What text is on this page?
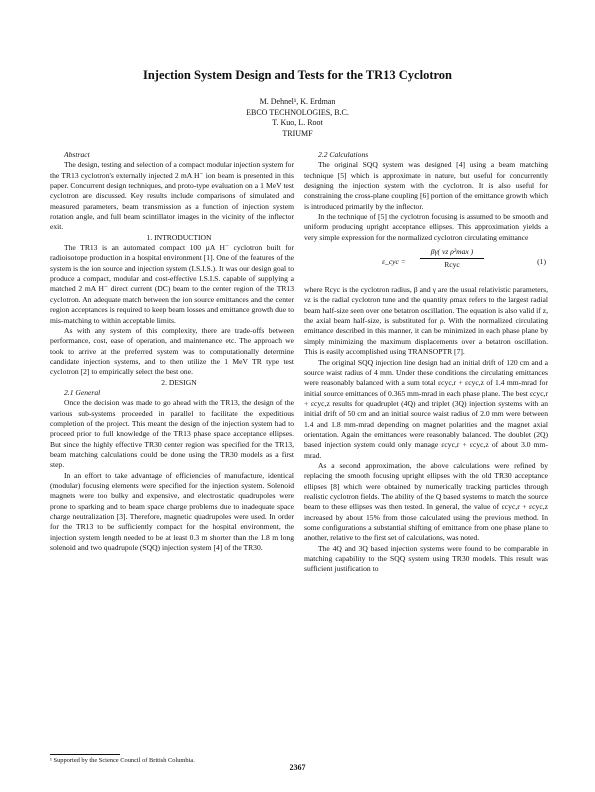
Injection System Design and Tests for the TR13 Cyclotron
M. Dehnel¹, K. Erdman
EBCO TECHNOLOGIES, B.C.
T. Kuo, L. Root
TRIUMF

Abstract

The design, testing and selection of a compact modular injection system for the TR13 cyclotron's externally injected 2 mA H⁻ ion beam is presented in this paper. Concurrent design techniques, and proto-type evaluation on a 1 MeV test cyclotron are discussed. Key results include comparisons of simulated and measured parameters, beam transmission as a function of injection system rotation angle, and full beam scintillator images in the vicinity of the inflector exit.

1. INTRODUCTION

The TR13 is an automated compact 100 µA H⁻ cyclotron built for radioisotope production in a hospital environment [1]. One of the features of the system is the ion source and injection system (I.S.I.S.). It was our design goal to produce a compact, modular and cost-effective I.S.I.S. capable of supplying a matched 2 mA H⁻ direct current (DC) beam to the center region of the TR13 cyclotron. An adequate match between the ion source emittances and the center region acceptances is required to keep beam losses and emittance growth due to mis-matching to within acceptable limits.

As with any system of this complexity, there are trade-offs between performance, cost, ease of operation, and maintenance etc. The approach we took to arrive at the preferred system was to computationally determine candidate injection systems, and to then utilize the 1 MeV TR type test cyclotron [2] to empirically select the best one.

2. DESIGN

2.1 General

Once the decision was made to go ahead with the TR13, the design of the various sub-systems proceeded in parallel to facilitate the expeditious completion of the project. This meant the design of the injection system had to proceed prior to full knowledge of the TR13 phase space acceptance ellipses. But since the highly effective TR30 center region was specified for the TR13, beam matching calculations could be done using the TR30 models as a first step.

In an effort to take advantage of efficiencies of manufacture, identical (modular) focusing elements were specified for the injection system. Solenoid magnets were too bulky and expensive, and electrostatic quadrupoles were prone to sparking and to beam space charge problems due to inadequate space charge neutralization [3]. Therefore, magnetic quadrupoles were used. In order for the TR13 to be sufficiently compact for the hospital environment, the injection system length needed to be at least 0.3 m shorter than the 1.8 m long solenoid and two quadrupole (SQQ) injection system [4] of the TR30.

2.2 Calculations

The original SQQ system was designed [4] using a beam matching technique [5] which is approximate in nature, but useful for concurrently designing the injection system with the cyclotron. It is also useful for constraining the cross-plane coupling [6] portion of the emittance growth which is introduced primarily by the inflector.

In the technique of [5] the cyclotron focusing is assumed to be smooth and uniform producing upright acceptance ellipses. This approximation yields a very simple expression for the normalized cyclotron circulating emittance

ε_cyc =
βγ( νz ρ²max )
Rcyc	(1)

where Rcyc is the cyclotron radius, β and γ are the usual relativistic parameters, νz is the radial cyclotron tune and the quantity ρmax refers to the largest radial beam half-size seen over one betatron oscillation. The equation is also valid if z, the axial beam half-size, is substituted for ρ. With the normalized circulating emittance described in this manner, it can be minimized in each phase plane by simply minimizing the maximum displacements over a betatron oscillation. This is easily accomplished using TRANSOPTR [7].

The original SQQ injection line design had an initial drift of 120 cm and a source waist radius of 4 mm. Under these conditions the circulating emittances were reasonably balanced with a sum total εcyc,r + εcyc,z of 1.4 mm-mrad for initial source emittances of 0.365 mm-mrad in each phase plane. The best εcyc,r + εcyc,z results for quadruplet (4Q) and triplet (3Q) injection systems with an initial drift of 50 cm and an initial source waist radius of 2.0 mm were between 1.4 and 1.8 mm-mrad depending on magnet polarities and the magnet axial orientation. Again the emittances were reasonably balanced. The doublet (2Q) based injection system could only manage εcyc,r + εcyc,z of about 3.0 mm-mrad.

As a second approximation, the above calculations were refined by replacing the smooth focusing upright ellipses with the old TR30 acceptance ellipses [8] which were obtained by numerically tracking particles through realistic cyclotron fields. The ability of the Q based systems to match the source beam to these ellipses was then tested. In general, the value of εcyc,r + εcyc,z increased by about 15% from those calculated using the previous method. In some configurations a substantial shifting of emittance from one phase plane to another, relative to the first set of calculations, was noted.

The 4Q and 3Q based injection systems were found to be comparable in matching capability to the SQQ system using TR30 models. This result was sufficient justification to

¹ Supported by the Science Council of British Columbia.
2367
